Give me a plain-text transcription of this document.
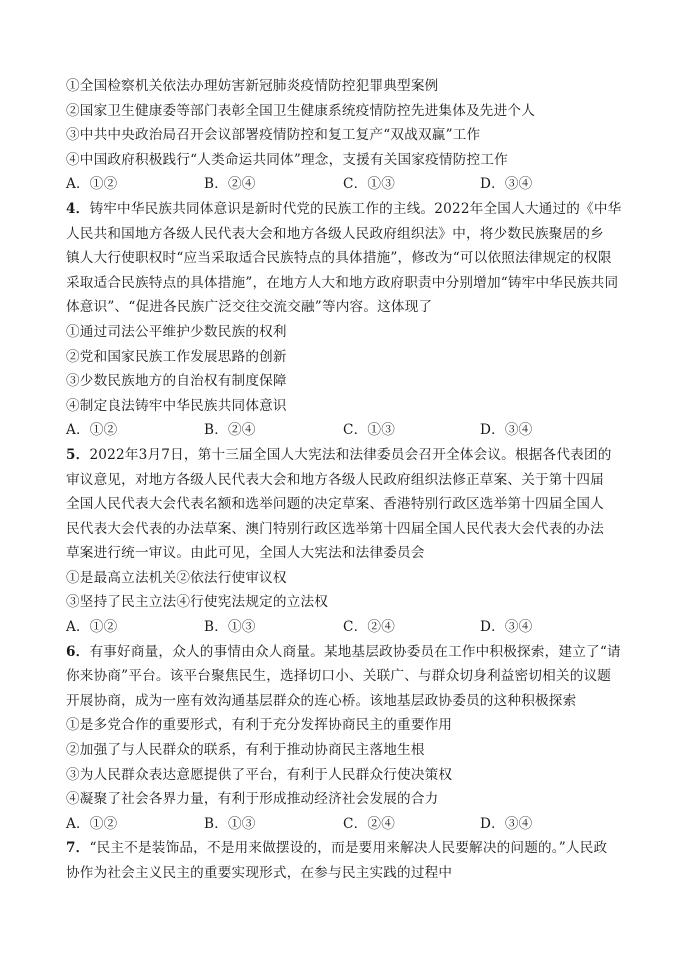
①全国检察机关依法办理妨害新冠肺炎疫情防控犯罪典型案例
②国家卫生健康委等部门表彰全国卫生健康系统疫情防控先进集体及先进个人
③中共中央政治局召开会议部署疫情防控和复工复产“双战双赢”工作
④中国政府积极践行“人类命运共同体”理念，支援有关国家疫情防控工作
A．①②	B．②④	C．①③	D．③④
4．铸牢中华民族共同体意识是新时代党的民族工作的主线。2022年全国人大通过的《中华
人民共和国地方各级人民代表大会和地方各级人民政府组织法》中，将少数民族聚居的乡
镇人大行使职权时“应当采取适合民族特点的具体措施”，修改为“可以依照法律规定的权限
采取适合民族特点的具体措施”，在地方人大和地方政府职责中分别增加“铸牢中华民族共同
体意识”、“促进各民族广泛交往交流交融”等内容。这体现了
①通过司法公平维护少数民族的权利
②党和国家民族工作发展思路的创新
③少数民族地方的自治权有制度保障
④制定良法铸牢中华民族共同体意识
A．①②	B．②④	C．①③	D．③④
5．2022年3月7日，第十三届全国人大宪法和法律委员会召开全体会议。根据各代表团的
审议意见，对地方各级人民代表大会和地方各级人民政府组织法修正草案、关于第十四届
全国人民代表大会代表名额和选举问题的决定草案、香港特别行政区选举第十四届全国人
民代表大会代表的办法草案、澳门特别行政区选举第十四届全国人民代表大会代表的办法
草案进行统一审议。由此可见，全国人大宪法和法律委员会
①是最高立法机关②依法行使审议权
③坚持了民主立法④行使宪法规定的立法权
A．①②	B．①③	C．②④	D．③④
6．有事好商量，众人的事情由众人商量。某地基层政协委员在工作中积极探索，建立了“请
你来协商”平台。该平台聚焦民生，选择切口小、关联广、与群众切身利益密切相关的议题
开展协商，成为一座有效沟通基层群众的连心桥。该地基层政协委员的这种积极探索
①是多党合作的重要形式，有利于充分发挥协商民主的重要作用
②加强了与人民群众的联系，有利于推动协商民主落地生根
③为人民群众表达意愿提供了平台，有利于人民群众行使决策权
④凝聚了社会各界力量，有利于形成推动经济社会发展的合力
A．①②	B．①③	C．②④	D．③④
7．“民主不是装饰品，不是用来做摆设的，而是要用来解决人民要解决的问题的。”人民政
协作为社会主义民主的重要实现形式，在参与民主实践的过程中
